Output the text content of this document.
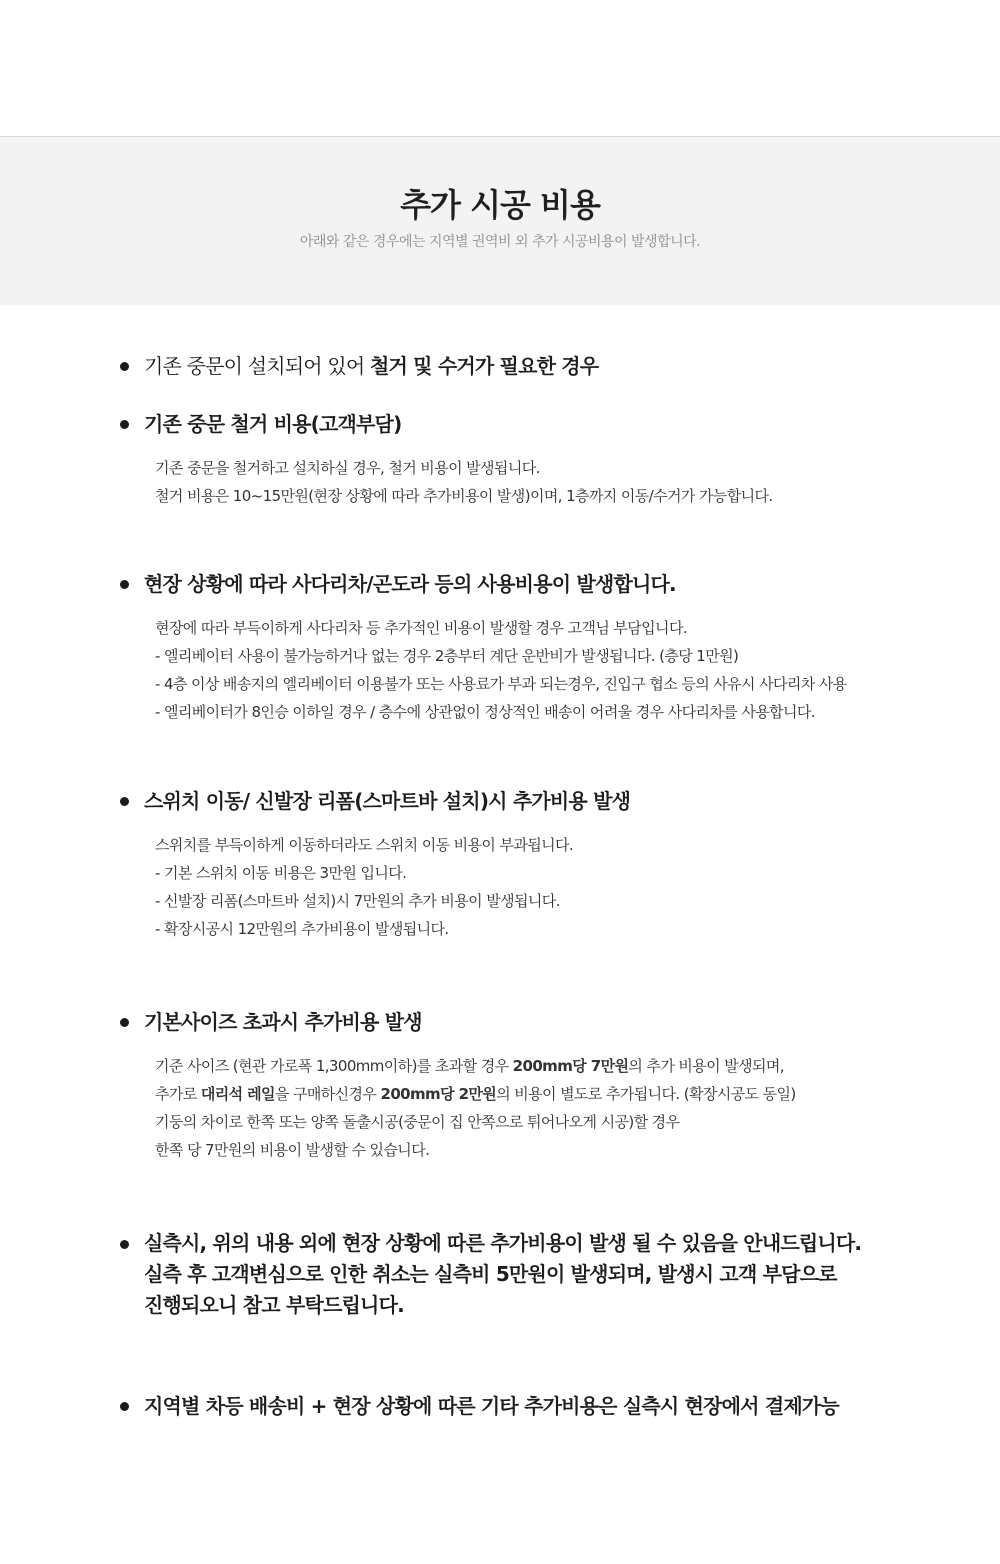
추가 시공 비용
아래와 같은 경우에는 지역별 권역비 외 추가 시공비용이 발생합니다.
기존 중문이 설치되어 있어 철거 및 수거가 필요한 경우
기존 중문 철거 비용(고객부담)
기존 중문을 철거하고 설치하실 경우, 철거 비용이 발생됩니다.
철거 비용은 10~15만원(현장 상황에 따라 추가비용이 발생)이며, 1층까지 이동/수거가 가능합니다.
현장 상황에 따라 사다리차/곤도라 등의 사용비용이 발생합니다.
현장에 따라 부득이하게 사다리차 등 추가적인 비용이 발생할 경우 고객님 부담입니다.
- 엘리베이터 사용이 불가능하거나 없는 경우 2층부터 계단 운반비가 발생됩니다. (층당 1만원)
- 4층 이상 배송지의 엘리베이터 이용불가 또는 사용료가 부과 되는경우, 진입구 협소 등의 사유시 사다리차 사용
- 엘리베이터가 8인승 이하일 경우 / 층수에 상관없이 정상적인 배송이 어려울 경우 사다리차를 사용합니다.
스위치 이동/ 신발장 리폼(스마트바 설치)시 추가비용 발생
스위치를 부득이하게 이동하더라도 스위치 이동 비용이 부과됩니다.
- 기본 스위치 이동 비용은 3만원 입니다.
- 신발장 리폼(스마트바 설치)시 7만원의 추가 비용이 발생됩니다.
- 확장시공시 12만원의 추가비용이 발생됩니다.
기본사이즈 초과시 추가비용 발생
기준 사이즈 (현관 가로폭 1,300mm이하)를 초과할 경우 200mm당 7만원의 추가 비용이 발생되며,
추가로 대리석 레일을 구매하신경우 200mm당 2만원의 비용이 별도로 추가됩니다. (확장시공도 동일)
기둥의 차이로 한쪽 또는 양쪽 돌출시공(중문이 집 안쪽으로 튀어나오게 시공)할 경우
한쪽 당 7만원의 비용이 발생할 수 있습니다.
실측시, 위의 내용 외에 현장 상황에 따른 추가비용이 발생 될 수 있음을 안내드립니다.
실측 후 고객변심으로 인한 취소는 실측비 5만원이 발생되며, 발생시 고객 부담으로
진행되오니 참고 부탁드립니다.
지역별 차등 배송비 + 현장 상황에 따른 기타 추가비용은 실측시 현장에서 결제가능
